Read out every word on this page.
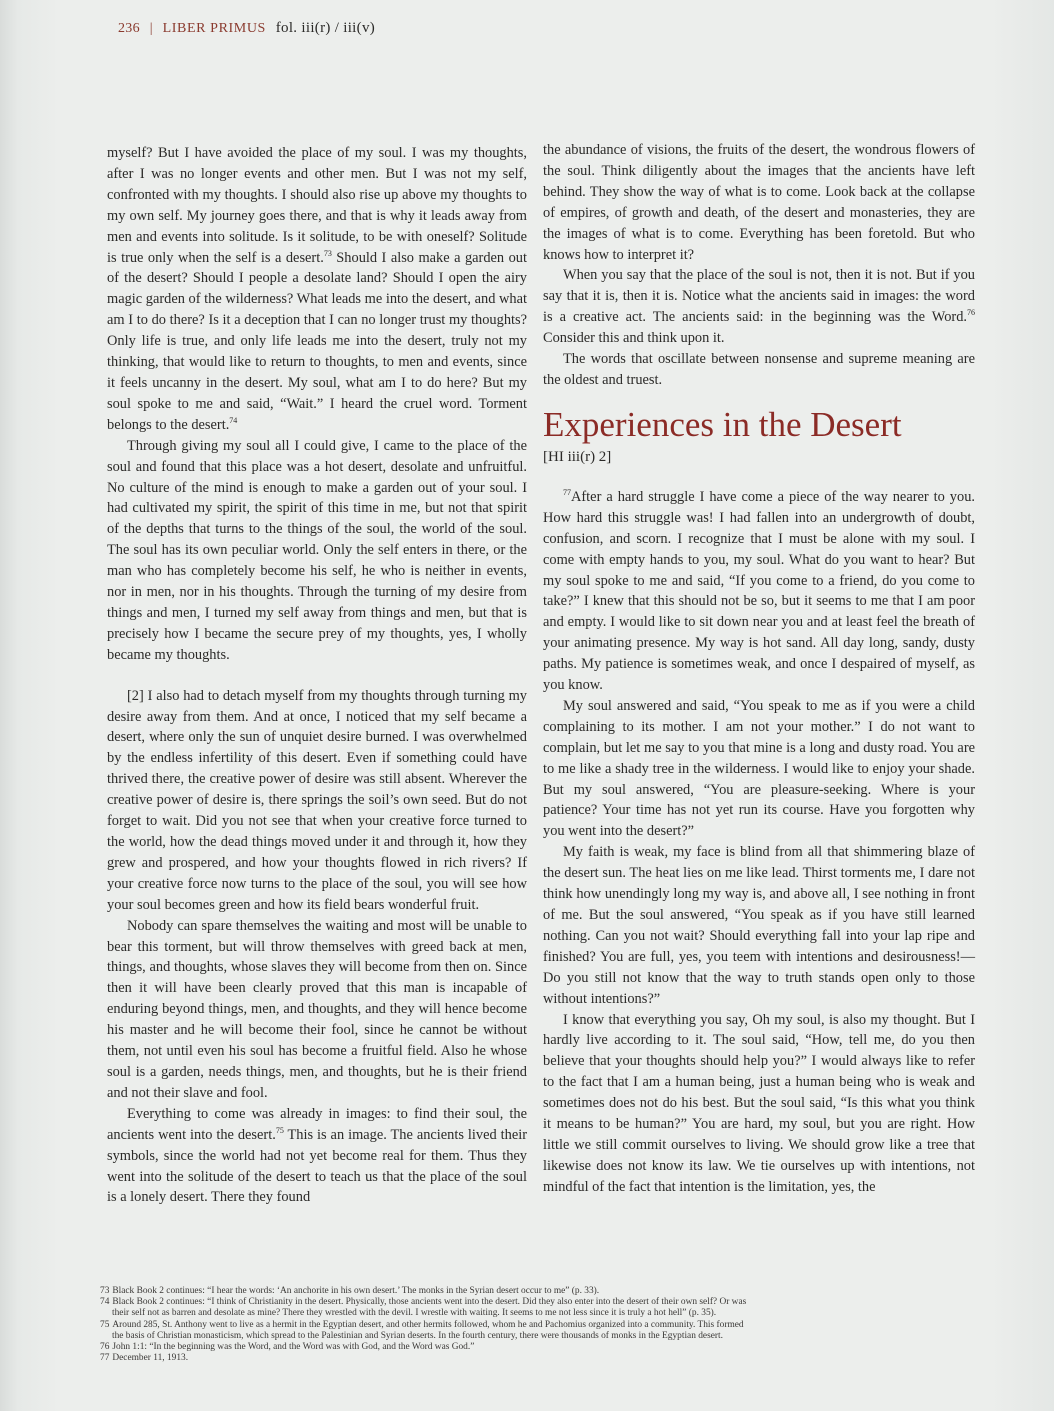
236 | LIBER PRIMUS fol. iii(r) / iii(v)

myself? But I have avoided the place of my soul. I was my thoughts, after I was no longer events and other men. But I was not my self, confronted with my thoughts. I should also rise up above my thoughts to my own self. My journey goes there, and that is why it leads away from men and events into solitude. Is it solitude, to be with oneself? Solitude is true only when the self is a desert.$^{73}$ Should I also make a garden out of the desert? Should I people a desolate land? Should I open the airy magic garden of the wilderness? What leads me into the desert, and what am I to do there? Is it a deception that I can no longer trust my thoughts? Only life is true, and only life leads me into the desert, truly not my thinking, that would like to return to thoughts, to men and events, since it feels uncanny in the desert. My soul, what am I to do here? But my soul spoke to me and said, “Wait.” I heard the cruel word. Torment belongs to the desert.$^{74}$

Through giving my soul all I could give, I came to the place of the soul and found that this place was a hot desert, desolate and unfruitful. No culture of the mind is enough to make a garden out of your soul. I had cultivated my spirit, the spirit of this time in me, but not that spirit of the depths that turns to the things of the soul, the world of the soul. The soul has its own peculiar world. Only the self enters in there, or the man who has completely become his self, he who is neither in events, nor in men, nor in his thoughts. Through the turning of my desire from things and men, I turned my self away from things and men, but that is precisely how I became the secure prey of my thoughts, yes, I wholly became my thoughts.

[2] I also had to detach myself from my thoughts through turning my desire away from them. And at once, I noticed that my self became a desert, where only the sun of unquiet desire burned. I was overwhelmed by the endless infertility of this desert. Even if something could have thrived there, the creative power of desire was still absent. Wherever the creative power of desire is, there springs the soil’s own seed. But do not forget to wait. Did you not see that when your creative force turned to the world, how the dead things moved under it and through it, how they grew and prospered, and how your thoughts flowed in rich rivers? If your creative force now turns to the place of the soul, you will see how your soul becomes green and how its field bears wonderful fruit.

Nobody can spare themselves the waiting and most will be unable to bear this torment, but will throw themselves with greed back at men, things, and thoughts, whose slaves they will become from then on. Since then it will have been clearly proved that this man is incapable of enduring beyond things, men, and thoughts, and they will hence become his master and he will become their fool, since he cannot be without them, not until even his soul has become a fruitful field. Also he whose soul is a garden, needs things, men, and thoughts, but he is their friend and not their slave and fool.

Everything to come was already in images: to find their soul, the ancients went into the desert.$^{75}$ This is an image. The ancients lived their symbols, since the world had not yet become real for them. Thus they went into the solitude of the desert to teach us that the place of the soul is a lonely desert. There they found

the abundance of visions, the fruits of the desert, the wondrous flowers of the soul. Think diligently about the images that the ancients have left behind. They show the way of what is to come. Look back at the collapse of empires, of growth and death, of the desert and monasteries, they are the images of what is to come. Everything has been foretold. But who knows how to interpret it?

When you say that the place of the soul is not, then it is not. But if you say that it is, then it is. Notice what the ancients said in images: the word is a creative act. The ancients said: in the beginning was the Word.$^{76}$ Consider this and think upon it.

The words that oscillate between nonsense and supreme meaning are the oldest and truest.

Experiences in the Desert
[HI iii(r) 2]

$^{77}$After a hard struggle I have come a piece of the way nearer to you. How hard this struggle was! I had fallen into an undergrowth of doubt, confusion, and scorn. I recognize that I must be alone with my soul. I come with empty hands to you, my soul. What do you want to hear? But my soul spoke to me and said, “If you come to a friend, do you come to take?” I knew that this should not be so, but it seems to me that I am poor and empty. I would like to sit down near you and at least feel the breath of your animating presence. My way is hot sand. All day long, sandy, dusty paths. My patience is sometimes weak, and once I despaired of myself, as you know.

My soul answered and said, “You speak to me as if you were a child complaining to its mother. I am not your mother.” I do not want to complain, but let me say to you that mine is a long and dusty road. You are to me like a shady tree in the wilderness. I would like to enjoy your shade. But my soul answered, “You are pleasure-seeking. Where is your patience? Your time has not yet run its course. Have you forgotten why you went into the desert?”

My faith is weak, my face is blind from all that shimmering blaze of the desert sun. The heat lies on me like lead. Thirst torments me, I dare not think how unendingly long my way is, and above all, I see nothing in front of me. But the soul answered, “You speak as if you have still learned nothing. Can you not wait? Should everything fall into your lap ripe and finished? You are full, yes, you teem with intentions and desirousness!—Do you still not know that the way to truth stands open only to those without intentions?”

I know that everything you say, Oh my soul, is also my thought. But I hardly live according to it. The soul said, “How, tell me, do you then believe that your thoughts should help you?” I would always like to refer to the fact that I am a human being, just a human being who is weak and sometimes does not do his best. But the soul said, “Is this what you think it means to be human?” You are hard, my soul, but you are right. How little we still commit ourselves to living. We should grow like a tree that likewise does not know its law. We tie ourselves up with intentions, not mindful of the fact that intention is the limitation, yes, the

73 Black Book 2 continues: “I hear the words: ‘An anchorite in his own desert.’ The monks in the Syrian desert occur to me” (p. 33).
74 Black Book 2 continues: “I think of Christianity in the desert. Physically, those ancients went into the desert. Did they also enter into the desert of their own self? Or was
their self not as barren and desolate as mine? There they wrestled with the devil. I wrestle with waiting. It seems to me not less since it is truly a hot hell” (p. 35).
75 Around 285, St. Anthony went to live as a hermit in the Egyptian desert, and other hermits followed, whom he and Pachomius organized into a community. This formed
the basis of Christian monasticism, which spread to the Palestinian and Syrian deserts. In the fourth century, there were thousands of monks in the Egyptian desert.
76 John 1:1: “In the beginning was the Word, and the Word was with God, and the Word was God.”
77 December 11, 1913.
